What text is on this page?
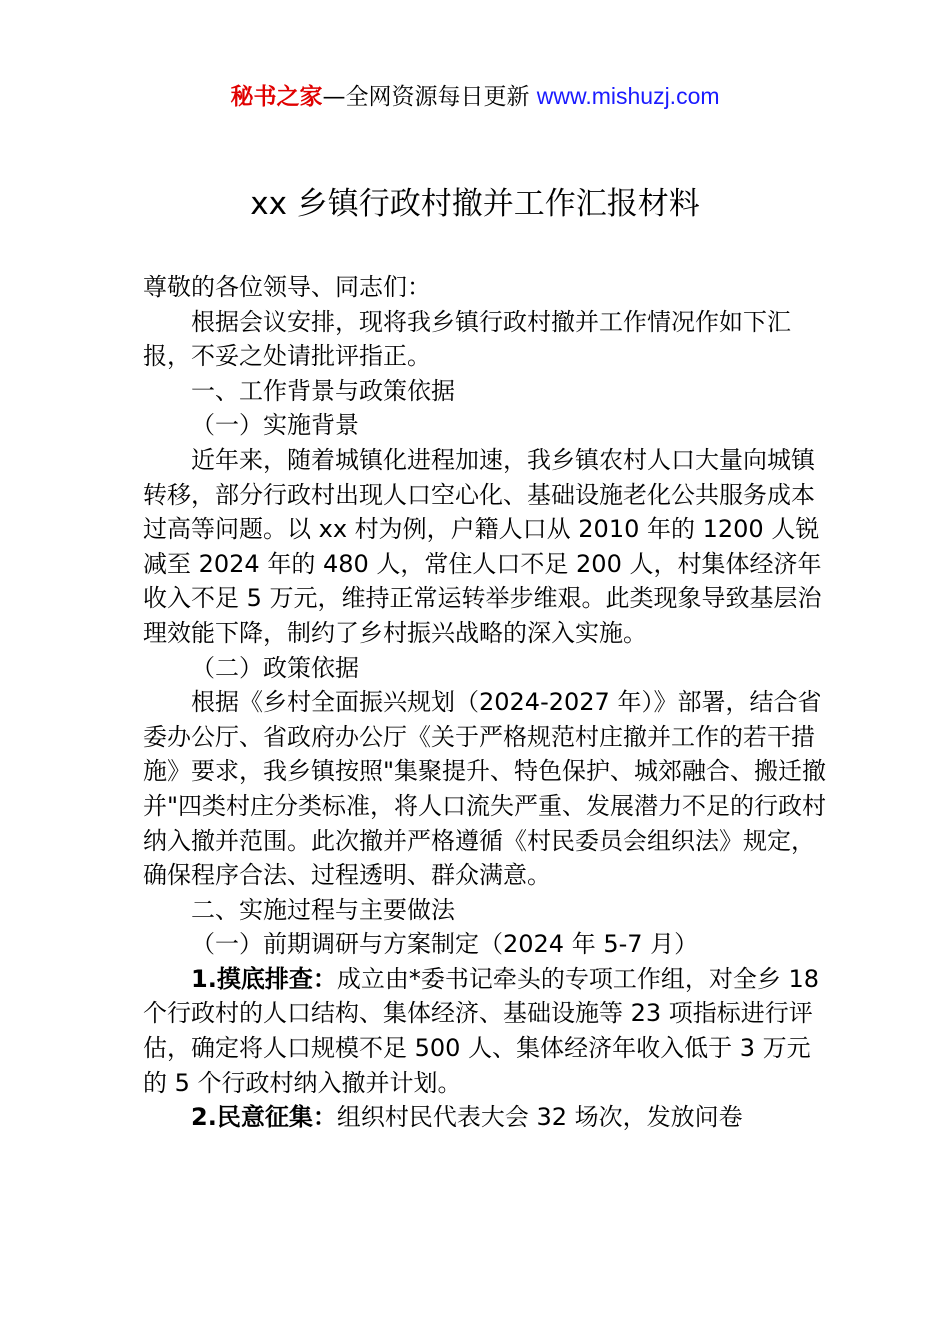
秘书之家—全网资源每日更新 www.mishuzj.com
xx 乡镇行政村撤并工作汇报材料

尊敬的各位领导、同志们：

根据会议安排，现将我乡镇行政村撤并工作情况作如下汇报，不妥之处请批评指正。

一、工作背景与政策依据

（一）实施背景

近年来，随着城镇化进程加速，我乡镇农村人口大量向城镇转移，部分行政村出现人口空心化、基础设施老化公共服务成本过高等问题。以 xx 村为例，户籍人口从 2010 年的 1200 人锐减至 2024 年的 480 人，常住人口不足 200 人，村集体经济年收入不足 5 万元，维持正常运转举步维艰。此类现象导致基层治理效能下降，制约了乡村振兴战略的深入实施。

（二）政策依据

根据《乡村全面振兴规划（2024-2027 年）》部署，结合省委办公厅、省政府办公厅《关于严格规范村庄撤并工作的若干措施》要求，我乡镇按照"集聚提升、特色保护、城郊融合、搬迁撤并"四类村庄分类标准，将人口流失严重、发展潜力不足的行政村纳入撤并范围。此次撤并严格遵循《村民委员会组织法》规定，确保程序合法、过程透明、群众满意。

二、实施过程与主要做法

（一）前期调研与方案制定（2024 年 5-7 月）

1.摸底排查：成立由*委书记牵头的专项工作组，对全乡 18 个行政村的人口结构、集体经济、基础设施等 23 项指标进行评估，确定将人口规模不足 500 人、集体经济年收入低于 3 万元的 5 个行政村纳入撤并计划。

2.民意征集：组织村民代表大会 32 场次，发放问卷
